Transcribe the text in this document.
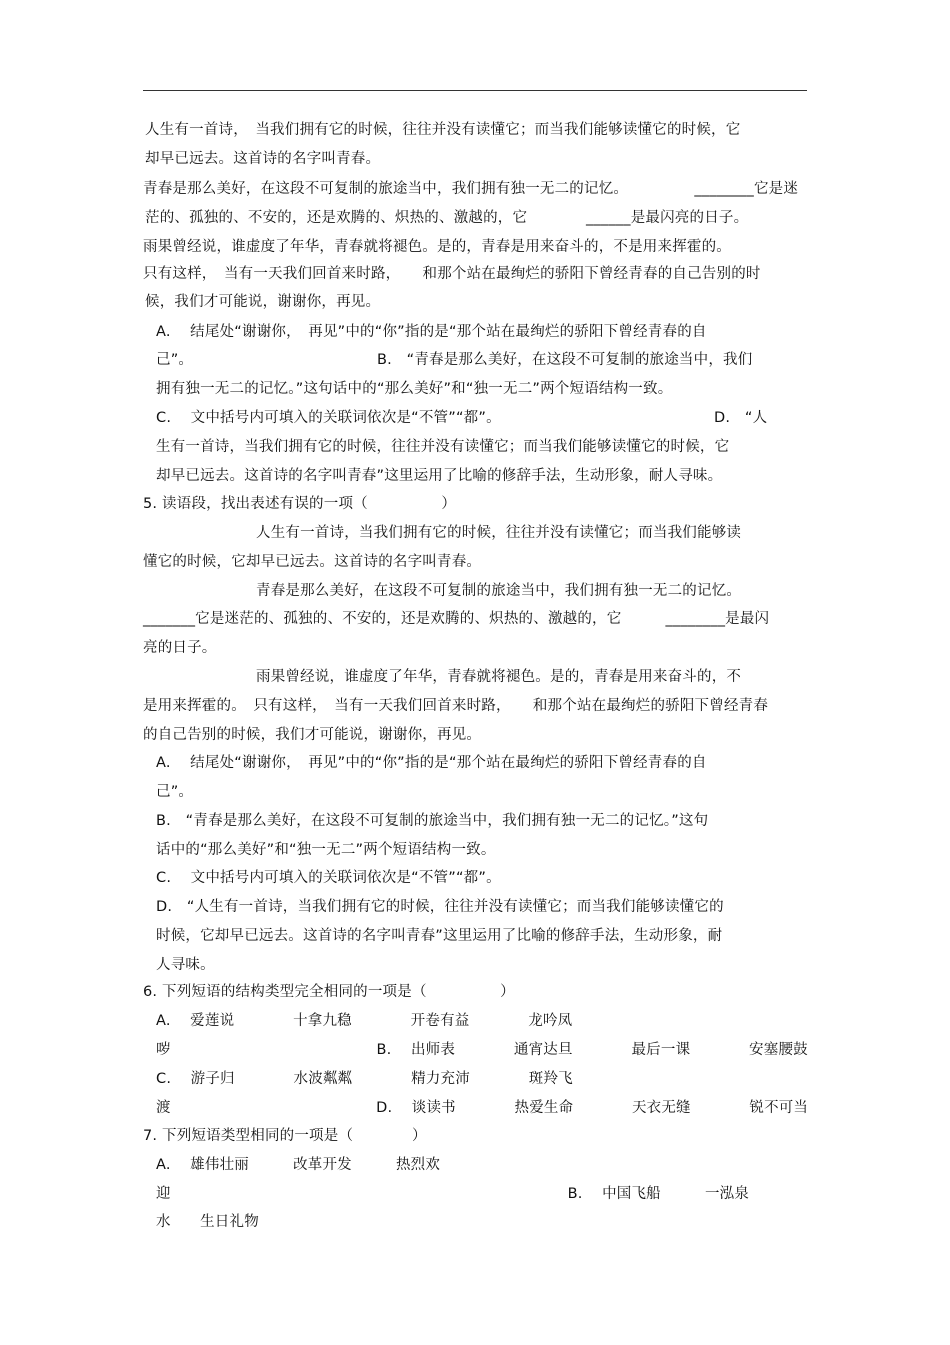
人生有一首诗，　当我们拥有它的时候，往往并没有读懂它；而当我们能够读懂它的时候，它
却早已远去。这首诗的名字叫青春。
青春是那么美好，在这段不可复制的旅途当中，我们拥有独一无二的记忆。　　　　　________它是迷
茫的、孤独的、不安的，还是欢腾的、炽热的、激越的，它　　　　______是最闪亮的日子。
雨果曾经说，谁虚度了年华，青春就将褪色。是的，青春是用来奋斗的，不是用来挥霍的。
只有这样，　当有一天我们回首来时路，　　和那个站在最绚烂的骄阳下曾经青春的自己告别的时
候，我们才可能说，谢谢你，再见。
A.　 结尾处“谢谢你，　再见”中的“你”指的是“那个站在最绚烂的骄阳下曾经青春的自
己”。　　　　　　　　　　　　　B.　“青春是那么美好，在这段不可复制的旅途当中，我们
拥有独一无二的记忆。”这句话中的“那么美好”和“独一无二”两个短语结构一致。
C.　 文中括号内可填入的关联词依次是“不管”“都”。　　　　　　　　　　　　　　　D.　“人
生有一首诗，当我们拥有它的时候，往往并没有读懂它；而当我们能够读懂它的时候，它
却早已远去。这首诗的名字叫青春”这里运用了比喻的修辞手法，生动形象，耐人寻味。
5. 读语段，找出表述有误的一项（　　　　　）
人生有一首诗，当我们拥有它的时候，往往并没有读懂它；而当我们能够读
懂它的时候，它却早已远去。这首诗的名字叫青春。
青春是那么美好，在这段不可复制的旅途当中，我们拥有独一无二的记忆。
_______它是迷茫的、孤独的、不安的，还是欢腾的、炽热的、激越的，它　　　________是最闪
亮的日子。
雨果曾经说，谁虚度了年华，青春就将褪色。是的，青春是用来奋斗的，不
是用来挥霍的。　只有这样，　当有一天我们回首来时路，　　和那个站在最绚烂的骄阳下曾经青春
的自己告别的时候，我们才可能说，谢谢你，再见。
A.　 结尾处“谢谢你，　再见”中的“你”指的是“那个站在最绚烂的骄阳下曾经青春的自
己”。
B.　“青春是那么美好，在这段不可复制的旅途当中，我们拥有独一无二的记忆。”这句
话中的“那么美好”和“独一无二”两个短语结构一致。
C.　 文中括号内可填入的关联词依次是“不管”“都”。
D.　“人生有一首诗，当我们拥有它的时候，往往并没有读懂它；而当我们能够读懂它的
时候，它却早已远去。这首诗的名字叫青春”这里运用了比喻的修辞手法，生动形象，耐
人寻味。
6. 下列短语的结构类型完全相同的一项是（　　　　　）
A.　 爱莲说　　　　十拿九稳　　　　开卷有益　　　　龙吟凤
哕　　　　　　　　　　　　　　B.　 出师表　　　　通宵达旦　　　　最后一课　　　　安塞腰鼓
C.　 游子归　　　　水波粼粼　　　　精力充沛　　　　斑羚飞
渡　　　　　　　　　　　　　　D.　 谈读书　　　　热爱生命　　　　天衣无缝　　　　锐不可当
7. 下列短语类型相同的一项是（　　　　）
A.　 雄伟壮丽　　　改革开发　　　热烈欢
迎　　　　　　　　　　　　　　　　　　　　　　　　　　　B.　 中国飞船　　　一泓泉
水　　生日礼物
